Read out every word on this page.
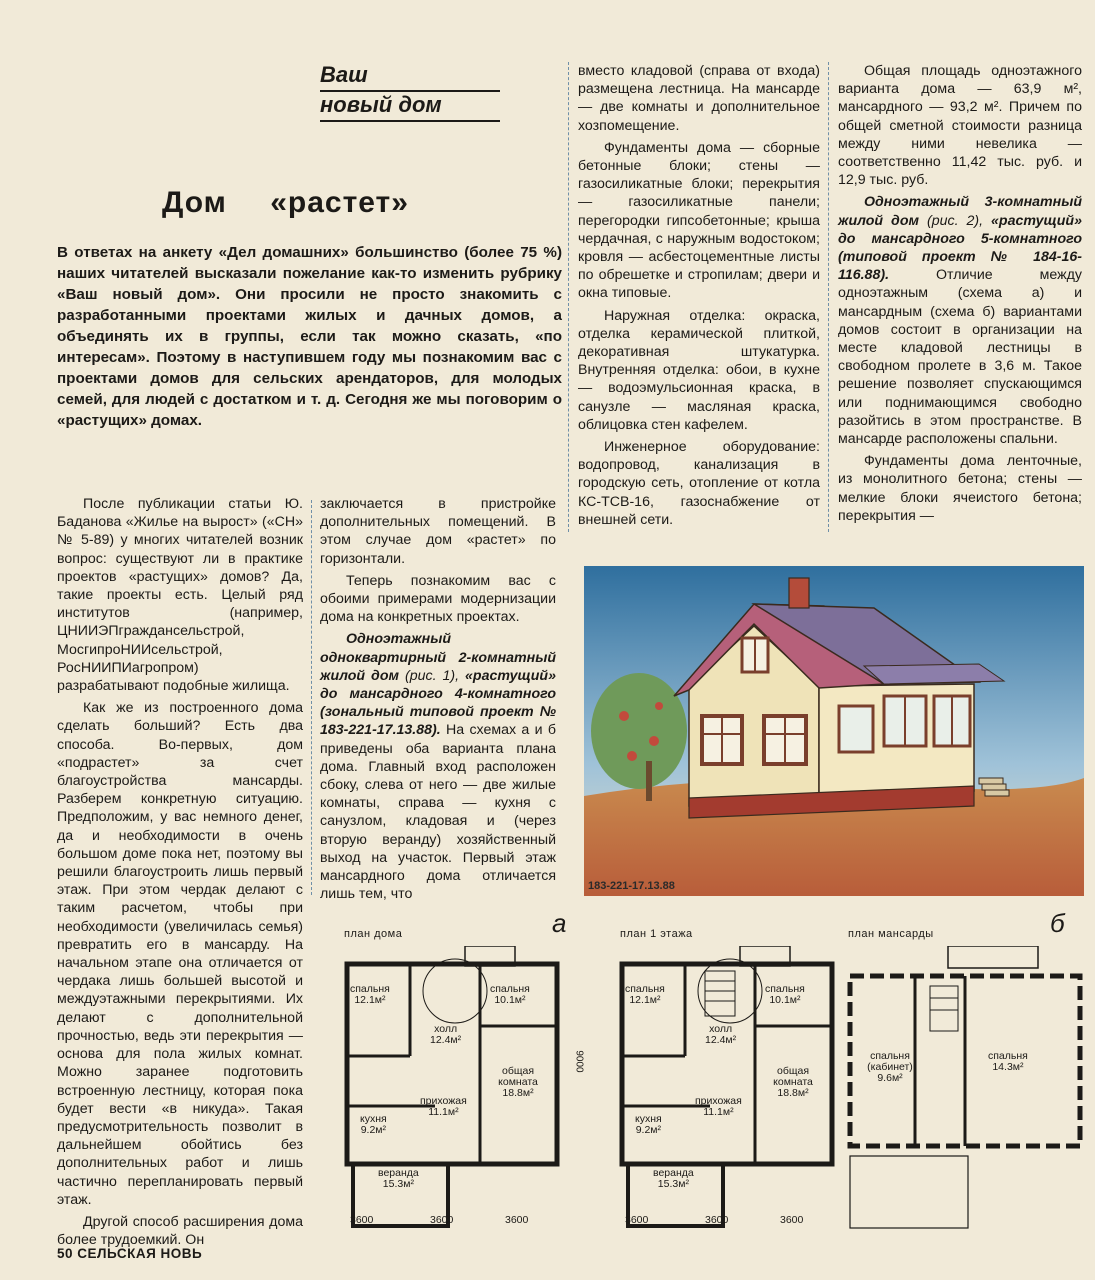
Ваш
новый дом
Дом «растет»
В ответах на анкету «Дел домашних» большинство (более 75 %) наших читателей высказали пожелание как-то изменить рубрику «Ваш новый дом». Они просили не просто знакомить с разработанными проектами жилых и дачных домов, а объединять их в группы, если так можно сказать, «по интересам». Поэтому в наступившем году мы познакомим вас с проектами домов для сельских арендаторов, для молодых семей, для людей с достатком и т. д. Сегодня же мы поговорим о «растущих» домах.

После публикации статьи Ю. Баданова «Жилье на вырост» («СН» № 5-89) у многих читателей возник вопрос: существуют ли в практике проектов «растущих» домов? Да, такие проекты есть. Целый ряд институтов (например, ЦНИИЭПграждансельстрой, МосгипроНИИсельстрой, РосНИИПИагропром) разрабатывают подобные жилища.

Как же из построенного дома сделать больший? Есть два способа. Во-первых, дом «подрастет» за счет благоустройства мансарды. Разберем конкретную ситуацию. Предположим, у вас немного денег, да и необходимости в очень большом доме пока нет, поэтому вы решили благоустроить лишь первый этаж. При этом чердак делают с таким расчетом, чтобы при необходимости (увеличилась семья) превратить его в мансарду. На начальном этапе она отличается от чердака лишь большей высотой и междуэтажными перекрытиями. Их делают с дополнительной прочностью, ведь эти перекрытия — основа для пола жилых комнат. Можно заранее подготовить встроенную лестницу, которая пока будет вести «в никуда». Такая предусмотрительность позволит в дальнейшем обойтись без дополнительных работ и лишь частично перепланировать первый этаж.

Другой способ расширения дома более трудоемкий. Он

заключается в пристройке дополнительных помещений. В этом случае дом «растет» по горизонтали.

Теперь познакомим вас с обоими примерами модернизации дома на конкретных проектах.

Одноэтажный одноквартирный 2-комнатный жилой дом (рис. 1), «растущий» до мансардного 4-комнатного (зональный типовой проект № 183-221-17.13.88). На схемах а и б приведены оба варианта плана дома. Главный вход расположен сбоку, слева от него — две жилые комнаты, справа — кухня с санузлом, кладовая и (через вторую веранду) хозяйственный выход на участок. Первый этаж мансардного дома отличается лишь тем, что

вместо кладовой (справа от входа) размещена лестница. На мансарде — две комнаты и дополнительное хозпомещение.

Фундаменты дома — сборные бетонные блоки; стены — газосиликатные блоки; перекрытия — газосиликатные панели; перегородки гипсобетонные; крыша чердачная, с наружным водостоком; кровля — асбестоцементные листы по обрешетке и стропилам; двери и окна типовые.

Наружная отделка: окраска, отделка керамической плиткой, декоративная штукатурка. Внутренняя отделка: обои, в кухне — водоэмульсионная краска, в санузле — масляная краска, облицовка стен кафелем.

Инженерное оборудование: водопровод, канализация в городскую сеть, отопление от котла КС-ТСВ-16, газоснабжение от внешней сети.

Общая площадь одноэтажного варианта дома — 63,9 м², мансардного — 93,2 м². Причем по общей сметной стоимости разница между ними невелика — соответственно 11,42 тыс. руб. и 12,9 тыс. руб.

Одноэтажный 3-комнатный жилой дом (рис. 2), «растущий» до мансардного 5-комнатного (типовой проект № 184-16-116.88). Отличие между одноэтажным (схема а) и мансардным (схема б) вариантами домов состоит в организации на месте кладовой лестницы в свободном пролете в 3,6 м. Такое решение позволяет спускающимся или поднимающимся свободно разойтись в этом пространстве. В мансарде расположены спальни.

Фундаменты дома ленточные, из монолитного бетона; стены — мелкие блоки ячеистого бетона; перекрытия —

183-221-17.13.88
а	б
план дома
спальня
12.1м²
спальня
10.1м²
холл
12.4м²
общая комната
18.8м²
кухня
9.2м²
прихожая
11.1м²
веранда
15.3м²
9000
3600	3600	3600
план 1 этажа
спальня
12.1м²
спальня
10.1м²
холл
12.4м²
общая комната
18.8м²
кухня
9.2м²
прихожая
11.1м²
веранда
15.3м²
3600	3600	3600
план мансарды
спальня (кабинет)
9.6м²
спальня
14.3м²
50 СЕЛЬСКАЯ НОВЬ
